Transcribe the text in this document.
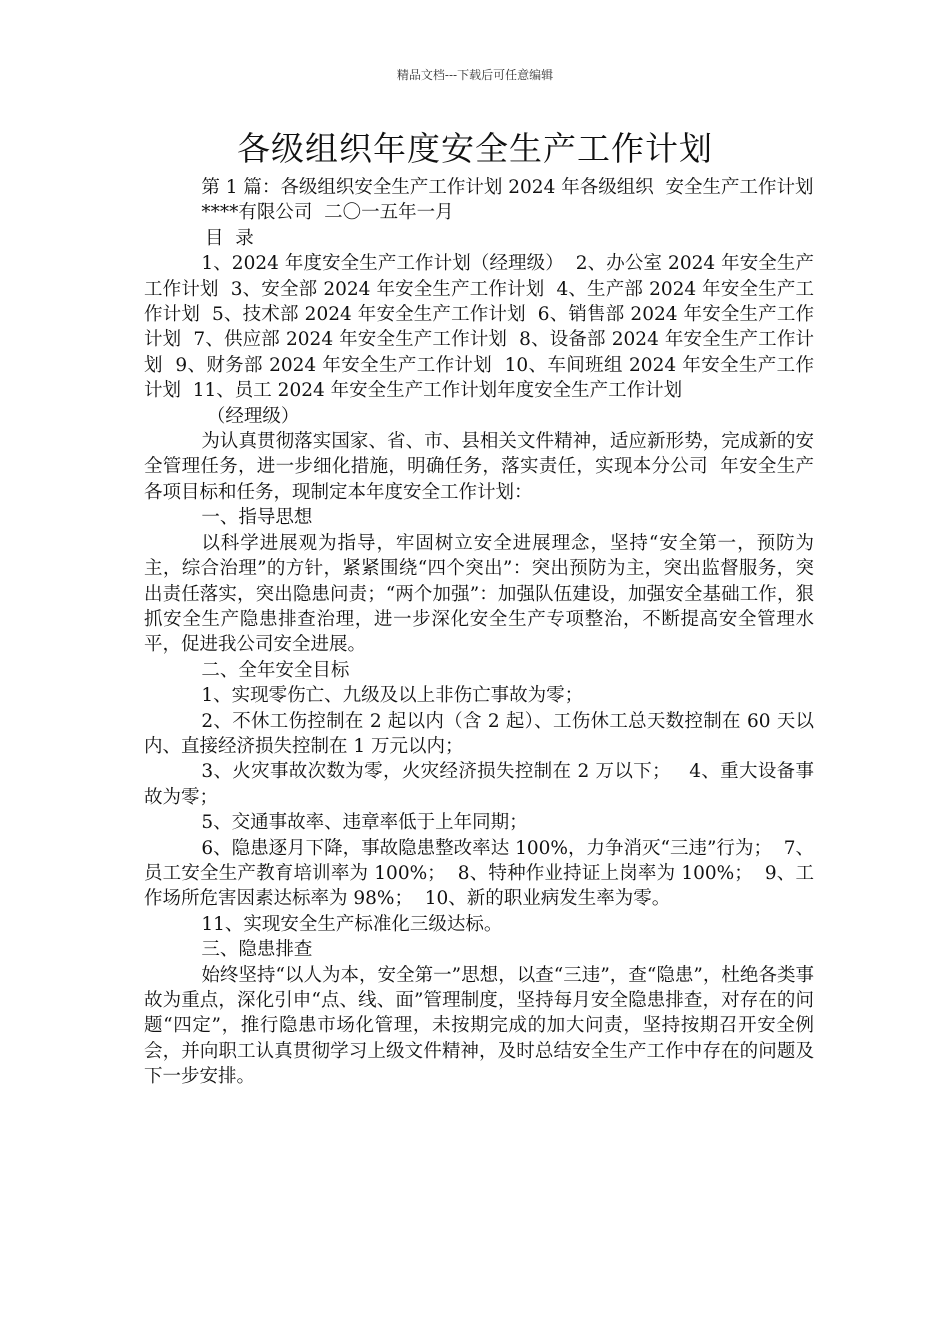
精品文档---下载后可任意编辑
各级组织年度安全生产工作计划

第 1 篇：各级组织安全生产工作计划 2024 年各级组织  安全生产工作计划

****有限公司  二〇一五年一月

目  录

1、2024 年度安全生产工作计划（经理级）  2、办公室 2024 年安全生产工作计划  3、安全部 2024 年安全生产工作计划  4、生产部 2024 年安全生产工作计划  5、技术部 2024 年安全生产工作计划  6、销售部 2024 年安全生产工作计划  7、供应部 2024 年安全生产工作计划  8、设备部 2024 年安全生产工作计划  9、财务部 2024 年安全生产工作计划  10、车间班组 2024 年安全生产工作计划  11、员工 2024 年安全生产工作计划年度安全生产工作计划

（经理级）

为认真贯彻落实国家、省、市、县相关文件精神，适应新形势，完成新的安全管理任务，进一步细化措施，明确任务，落实责任，实现本分公司  年安全生产各项目标和任务，现制定本年度安全工作计划：

一、指导思想

以科学进展观为指导，牢固树立安全进展理念，坚持“安全第一，预防为主，综合治理”的方针，紧紧围绕“四个突出”：突出预防为主，突出监督服务，突出责任落实，突出隐患问责；“两个加强”：加强队伍建设，加强安全基础工作，狠抓安全生产隐患排查治理，进一步深化安全生产专项整治，不断提高安全管理水平，促进我公司安全进展。

二、全年安全目标

1、实现零伤亡、九级及以上非伤亡事故为零；

2、不休工伤控制在 2 起以内（含 2 起）、工伤休工总天数控制在 60 天以内、直接经济损失控制在 1 万元以内；

3、火灾事故次数为零，火灾经济损失控制在 2 万以下；   4、重大设备事故为零；

5、交通事故率、违章率低于上年同期；

6、隐患逐月下降，事故隐患整改率达 100%，力争消灭“三违”行为；  7、员工安全生产教育培训率为 100%；  8、特种作业持证上岗率为 100%；  9、工作场所危害因素达标率为 98%；  10、新的职业病发生率为零。

11、实现安全生产标准化三级达标。

三、隐患排查

始终坚持“以人为本，安全第一”思想，以查“三违”，查“隐患”，杜绝各类事故为重点，深化引申“点、线、面”管理制度，坚持每月安全隐患排查，对存在的问题“四定”，推行隐患市场化管理，未按期完成的加大问责，坚持按期召开安全例会，并向职工认真贯彻学习上级文件精神，及时总结安全生产工作中存在的问题及下一步安排。
